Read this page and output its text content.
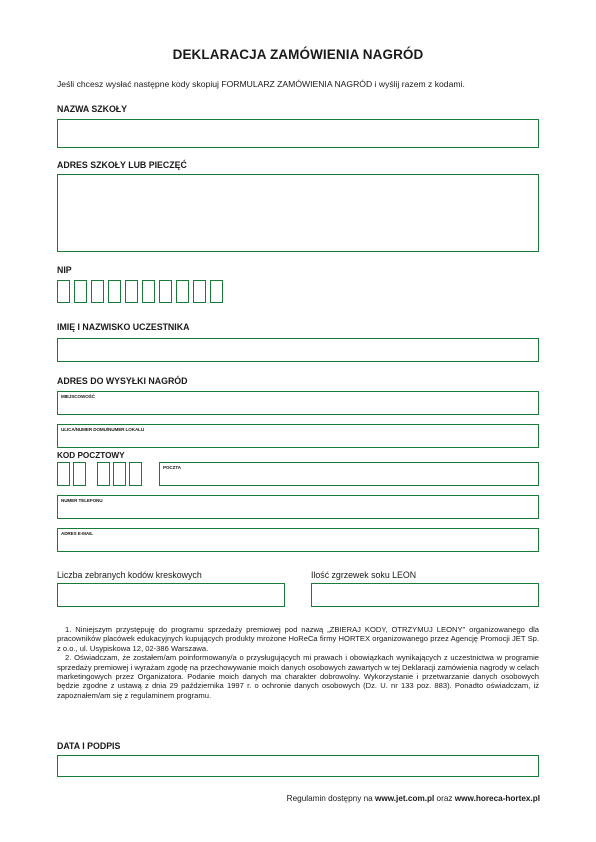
DEKLARACJA ZAMÓWIENIA NAGRÓD
Jeśli chcesz wysłać następne kody skopiuj FORMULARZ ZAMÓWIENIA NAGRÓD i wyślij razem z kodami.
NAZWA SZKOŁY
ADRES SZKOŁY LUB PIECZĘĆ
NIP
IMIĘ I NAZWISKO UCZESTNIKA
ADRES DO WYSYŁKI NAGRÓD
MIEJSCOWOŚĆ
ULICA/NUMER DOMU/NUMER LOKALU
KOD POCZTOWY
POCZTA
NUMER TELEFONU
ADRES E-MAIL
Liczba zebranych kodów kreskowych	Ilość zgrzewek soku LEON

1. Niniejszym przystępuję do programu sprzedaży premiowej pod nazwą „ZBIERAJ KODY, OTRZYMUJ LEONY" organizowanego dla pracowników placówek edukacyjnych kupujących produkty mrożone HoReCa firmy HORTEX organizowanego przez Agencję Promocji JET Sp. z o.o., ul. Usypiskowa 12, 02-386 Warszawa.

2. Oświadczam, że zostałem/am poinformowany/a o przysługujących mi prawach i obowiązkach wynikających z uczestnictwa w programie sprzedaży premiowej i wyrażam zgodę na przechowywanie moich danych osobowych zawartych w tej Deklaracji zamówienia nagrody w celach marketingowych przez Organizatora. Podanie moich danych ma charakter dobrowolny. Wykorzystanie i przetwarzanie danych osobowych będzie zgodne z ustawą z dnia 29 października 1997 r. o ochronie danych osobowych (Dz. U. nr 133 poz. 883). Ponadto oświadczam, iż zapoznałem/am się z regulaminem programu.

DATA I PODPIS
Regulamin dostępny na www.jet.com.pl oraz www.horeca-hortex.pl
